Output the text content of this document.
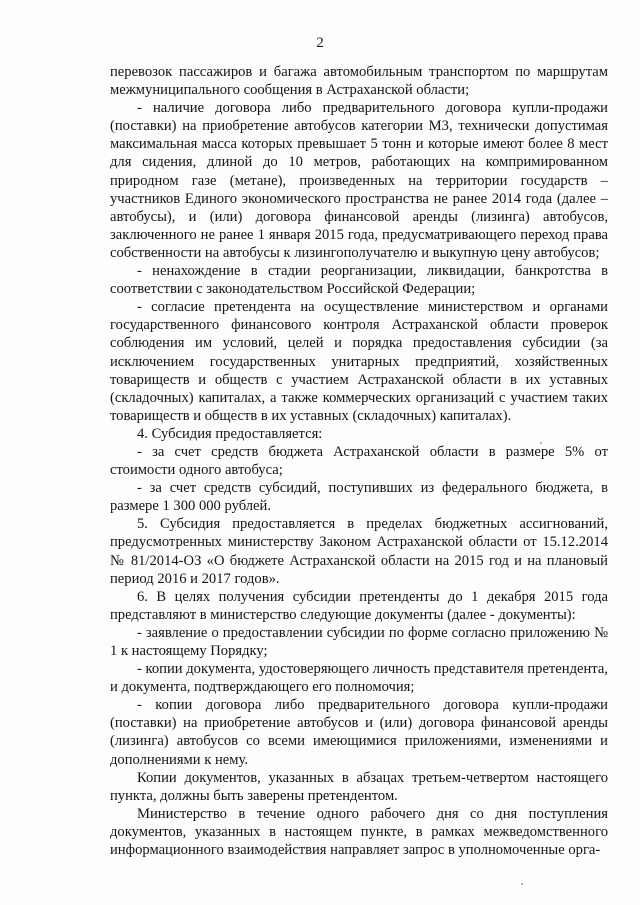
2

перевозок пассажиров и багажа автомобильным транспортом по маршрутам межмуниципального сообщения в Астраханской области;

- наличие договора либо предварительного договора купли-продажи (поставки) на приобретение автобусов категории М3, технически допустимая максимальная масса которых превышает 5 тонн и которые имеют более 8 мест для сидения, длиной до 10 метров, работающих на компримированном природном газе (метане), произведенных на территории государств – участников Единого экономического пространства не ранее 2014 года (далее – автобусы), и (или) договора финансовой аренды (лизинга) автобусов, заключенного не ранее 1 января 2015 года, предусматривающего переход права собственности на автобусы к лизингополучателю и выкупную цену автобусов;

- ненахождение в стадии реорганизации, ликвидации, банкротства в соответствии с законодательством Российской Федерации;

- согласие претендента на осуществление министерством и органами государственного финансового контроля Астраханской области проверок соблюдения им условий, целей и порядка предоставления субсидии (за исключением государственных унитарных предприятий, хозяйственных товариществ и обществ с участием Астраханской области в их уставных (складочных) капиталах, а также коммерческих организаций с участием таких товариществ и обществ в их уставных (складочных) капиталах).

4. Субсидия предоставляется:

- за счет средств бюджета Астраханской области в размере 5% от стоимости одного автобуса;

- за счет средств субсидий, поступивших из федерального бюджета, в размере 1 300 000 рублей.

5. Субсидия предоставляется в пределах бюджетных ассигнований, предусмотренных министерству Законом Астраханской области от 15.12.2014 № 81/2014-ОЗ «О бюджете Астраханской области на 2015 год и на плановый период 2016 и 2017 годов».

6. В целях получения субсидии претенденты до 1 декабря 2015 года представляют в министерство следующие документы (далее - документы):

- заявление о предоставлении субсидии по форме согласно приложению № 1 к настоящему Порядку;

- копии документа, удостоверяющего личность представителя претендента, и документа, подтверждающего его полномочия;

- копии договора либо предварительного договора купли-продажи (поставки) на приобретение автобусов и (или) договора финансовой аренды (лизинга) автобусов со всеми имеющимися приложениями, изменениями и дополнениями к нему.

Копии документов, указанных в абзацах третьем-четвертом настоящего пункта, должны быть заверены претендентом.

Министерство в течение одного рабочего дня со дня поступления документов, указанных в настоящем пункте, в рамках межведомственного информационного взаимодействия направляет запрос в уполномоченные орга-
